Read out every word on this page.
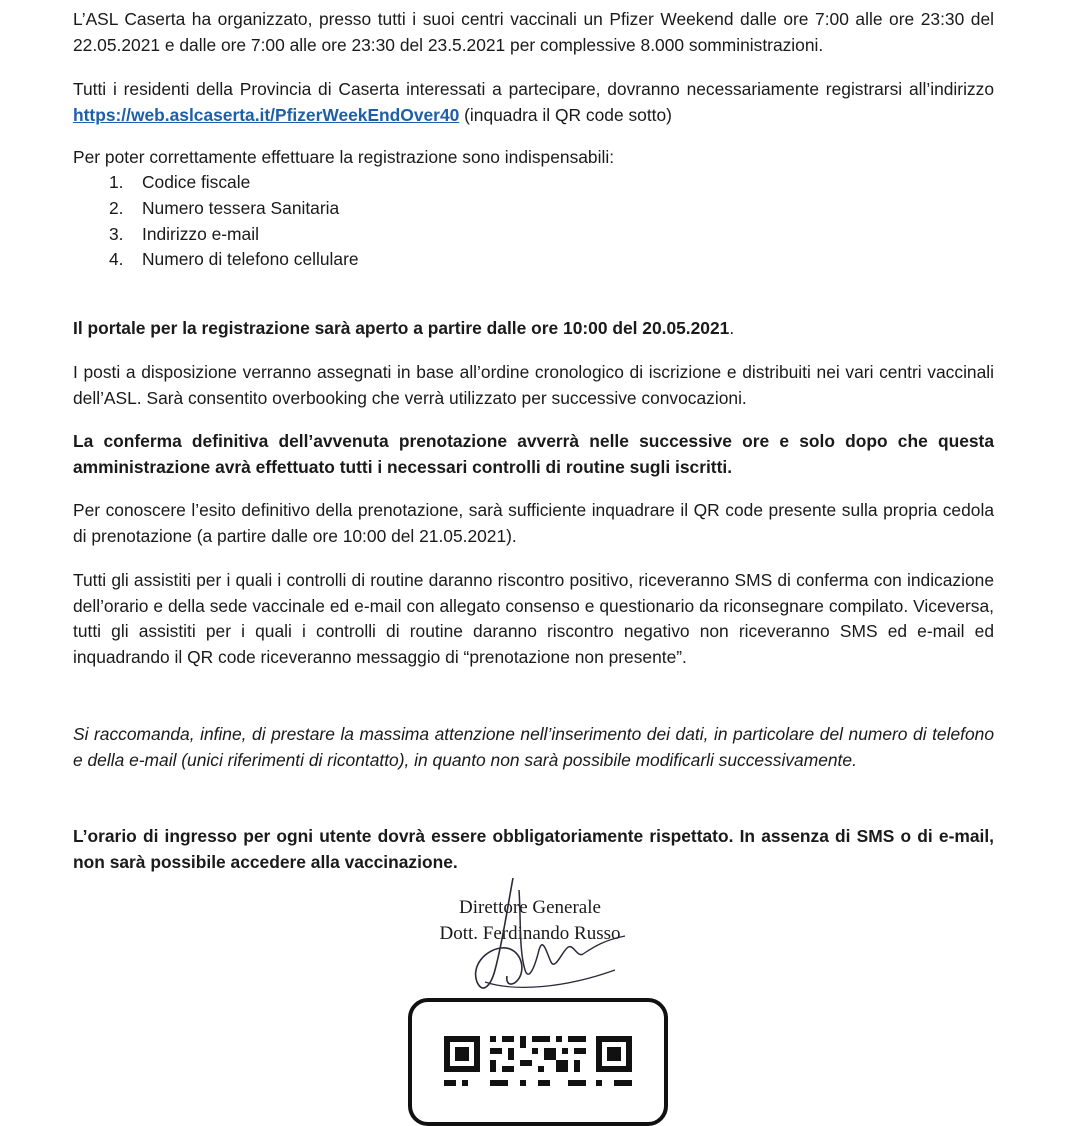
L’ASL Caserta ha organizzato, presso tutti i suoi centri vaccinali un Pfizer Weekend dalle ore 7:00 alle ore 23:30 del 22.05.2021 e dalle ore 7:00 alle ore 23:30 del 23.5.2021 per complessive 8.000 somministrazioni.

Tutti i residenti della Provincia di Caserta interessati a partecipare, dovranno necessariamente registrarsi all’indirizzo https://web.aslcaserta.it/PfizerWeekEndOver40 (inquadra il QR code sotto)

Per poter correttamente effettuare la registrazione sono indispensabili:

1.	Codice fiscale
2.	Numero tessera Sanitaria
3.	Indirizzo e-mail
4.	Numero di telefono cellulare

Il portale per la registrazione sarà aperto a partire dalle ore 10:00 del 20.05.2021.

I posti a disposizione verranno assegnati in base all’ordine cronologico di iscrizione e distribuiti nei vari centri vaccinali dell’ASL. Sarà consentito overbooking che verrà utilizzato per successive convocazioni.

La conferma definitiva dell’avvenuta prenotazione avverrà nelle successive ore e solo dopo che questa amministrazione avrà effettuato tutti i necessari controlli di routine sugli iscritti.

Per conoscere l’esito definitivo della prenotazione, sarà sufficiente inquadrare il QR code presente sulla propria cedola di prenotazione (a partire dalle ore 10:00 del 21.05.2021).

Tutti gli assistiti per i quali i controlli di routine daranno riscontro positivo, riceveranno SMS di conferma con indicazione dell’orario e della sede vaccinale ed e-mail con allegato consenso e questionario da riconsegnare compilato. Viceversa, tutti gli assistiti per i quali i controlli di routine daranno riscontro negativo non riceveranno SMS ed e-mail ed inquadrando il QR code riceveranno messaggio di “prenotazione non presente”.

Si raccomanda, infine, di prestare la massima attenzione nell’inserimento dei dati, in particolare del numero di telefono e della e-mail (unici riferimenti di ricontatto), in quanto non sarà possibile modificarli successivamente.

L’orario di ingresso per ogni utente dovrà essere obbligatoriamente rispettato. In assenza di SMS o di e-mail, non sarà possibile accedere alla vaccinazione.

Direttore Generale
Dott. Ferdinando Russo
